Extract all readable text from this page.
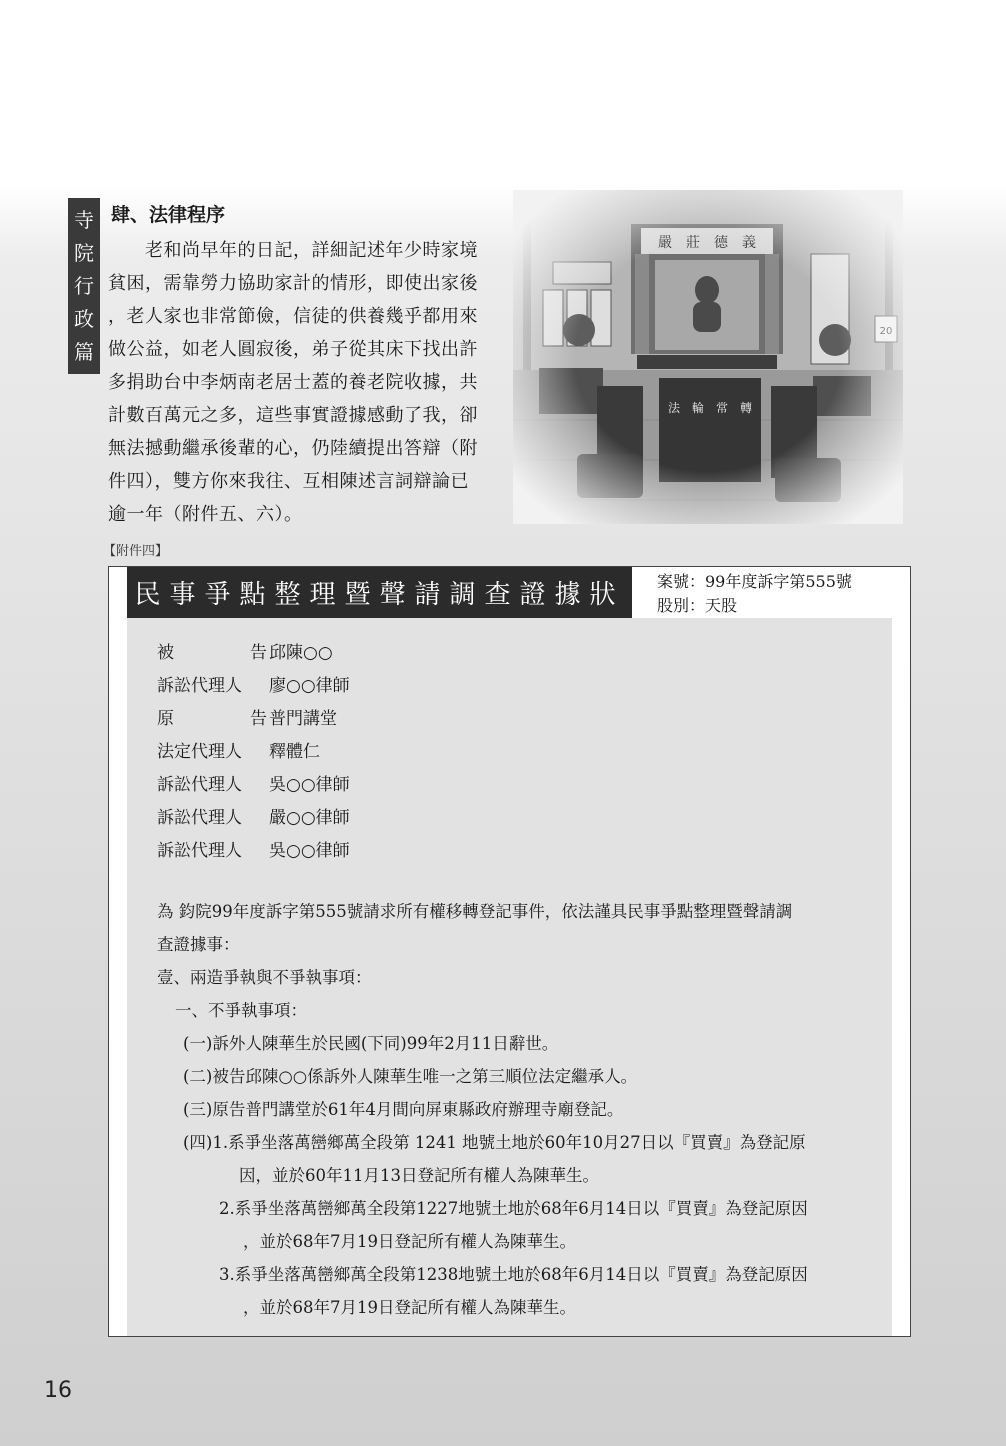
寺
院
行
政
篇
肆、法律程序

　　老和尚早年的日記，詳細記述年少時家境

貧困，需靠勞力協助家計的情形，即使出家後

，老人家也非常節儉，信徒的供養幾乎都用來

做公益，如老人圓寂後，弟子從其床下找出許

多捐助台中李炳南老居士蓋的養老院收據，共

計數百萬元之多，這些事實證據感動了我，卻

無法撼動繼承後輩的心，仍陸續提出答辯（附

件四），雙方你來我往、互相陳述言詞辯論已

逾一年（附件五、六）。

【附件四】
民事爭點整理暨聲請調查證據狀	案號：99年度訴字第555號
股別：天股
被	告 邱陳○○
訴訟代理人 廖○○律師
原	告 普門講堂
法定代理人 釋體仁
訴訟代理人 吳○○律師
訴訟代理人 嚴○○律師
訴訟代理人 吳○○律師
為 鈞院99年度訴字第555號請求所有權移轉登記事件，依法謹具民事爭點整理暨聲請調
查證據事：
壹、兩造爭執與不爭執事項：
一、不爭執事項：
(一)訴外人陳華生於民國(下同)99年2月11日辭世。
(二)被告邱陳○○係訴外人陳華生唯一之第三順位法定繼承人。
(三)原告普門講堂於61年4月間向屏東縣政府辦理寺廟登記。
(四)1.系爭坐落萬巒鄉萬全段第 1241 地號土地於60年10月27日以『買賣』為登記原
因，並於60年11月13日登記所有權人為陳華生。
2.系爭坐落萬巒鄉萬全段第1227地號土地於68年6月14日以『買賣』為登記原因
，並於68年7月19日登記所有權人為陳華生。
3.系爭坐落萬巒鄉萬全段第1238地號土地於68年6月14日以『買賣』為登記原因
，並於68年7月19日登記所有權人為陳華生。
16
